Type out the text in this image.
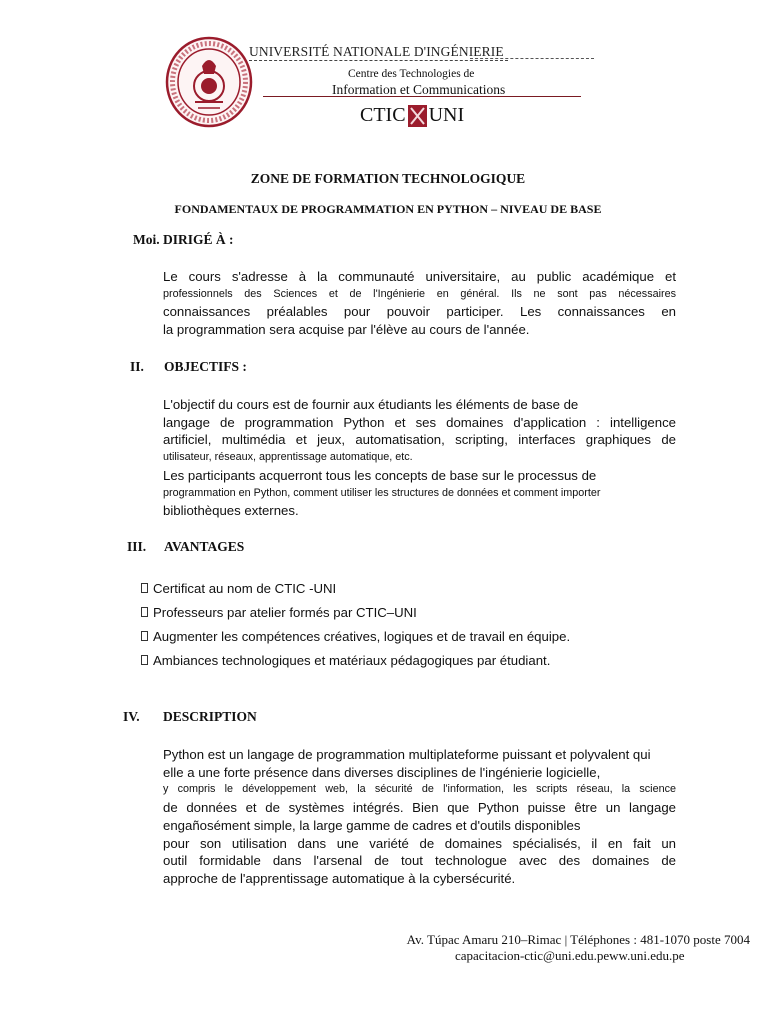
UNIVERSITÉ NATIONALE D'INGÉNIERIE
Centre des Technologies de
Information et Communications
CTIC UNI
ZONE DE FORMATION TECHNOLOGIQUE
FONDAMENTAUX DE PROGRAMMATION EN PYTHON – NIVEAU DE BASE
Moi.
DIRIGÉ À :
Le cours s'adresse à la communauté universitaire, au public académique et
professionnels des Sciences et de l'Ingénierie en général. Ils ne sont pas nécessaires
connaissances préalables pour pouvoir participer. Les connaissances en
la programmation sera acquise par l'élève au cours de l'année.
II.	OBJECTIFS :
L'objectif du cours est de fournir aux étudiants les éléments de base de
langage de programmation Python et ses domaines d'application : intelligence
artificiel, multimédia et jeux, automatisation, scripting, interfaces graphiques de
utilisateur, réseaux, apprentissage automatique, etc.
Les participants acquerront tous les concepts de base sur le processus de
programmation en Python, comment utiliser les structures de données et comment importer
bibliothèques externes.
III.	AVANTAGES
Certificat au nom de CTIC -UNI
Professeurs par atelier formés par CTIC–UNI
Augmenter les compétences créatives, logiques et de travail en équipe.
Ambiances technologiques et matériaux pédagogiques par étudiant.
IV.	DESCRIPTION
Python est un langage de programmation multiplateforme puissant et polyvalent qui
elle a une forte présence dans diverses disciplines de l'ingénierie logicielle,
y compris le développement web, la sécurité de l'information, les scripts réseau, la science
de données et de systèmes intégrés. Bien que Python puisse être un langage
engañosément simple, la large gamme de cadres et d'outils disponibles
pour son utilisation dans une variété de domaines spécialisés, il en fait un
outil formidable dans l'arsenal de tout technologue avec des domaines de
approche de l'apprentissage automatique à la cybersécurité.
Av. Túpac Amaru 210–Rimac | Téléphones : 481-1070 poste 7004
capacitacion-ctic@uni.edu.peww.uni.edu.pe
